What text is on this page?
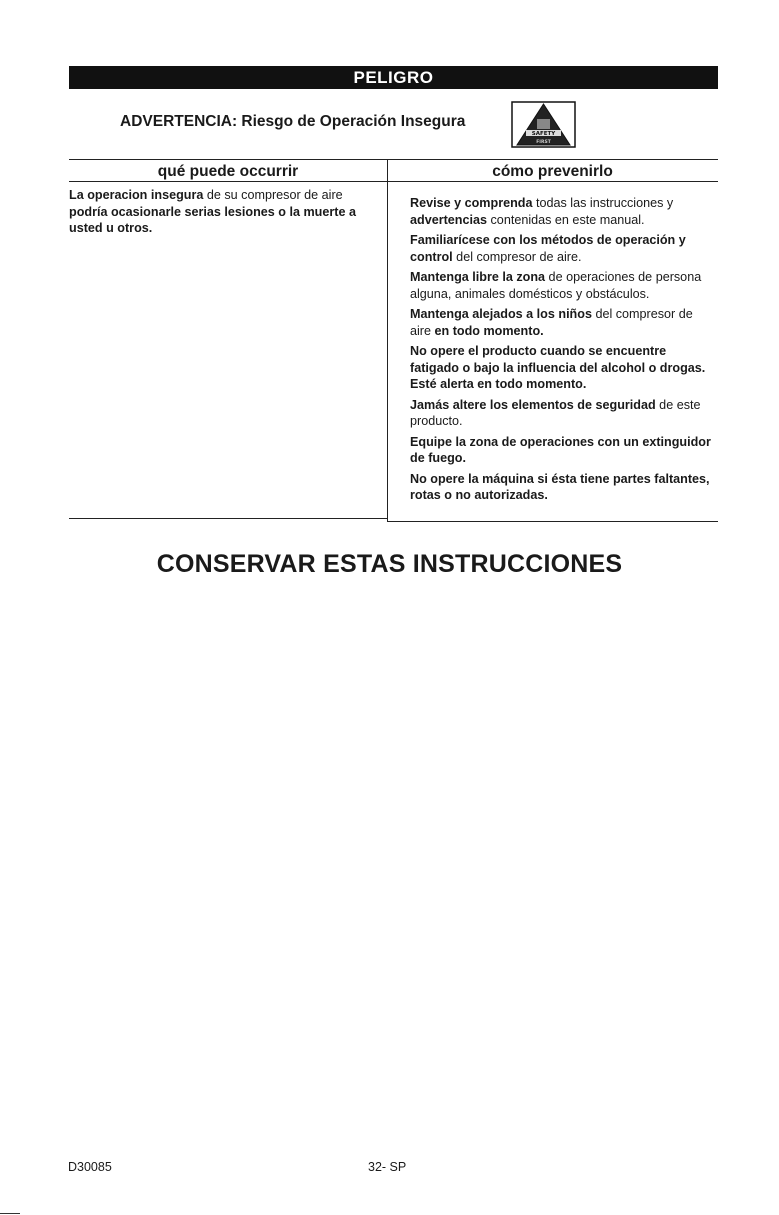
PELIGRO
ADVERTENCIA: Riesgo de Operación Insegura
SAFETY
FIRST
qué puede occurrir	cómo prevenirlo
La operacion insegura de su compresor de aire podría ocasionarle serias lesiones o la muerte a usted u otros.
Revise y comprenda todas las instrucciones y advertencias contenidas en este manual.
Familiarícese con los métodos de operación y control del compresor de aire.
Mantenga libre la zona de operaciones de persona alguna, animales domésticos y obstáculos.
Mantenga alejados a los niños del compresor de aire en todo momento.
No opere el producto cuando se encuentre fatigado o bajo la influencia del alcohol o drogas. Esté alerta en todo momento.
Jamás altere los elementos de seguridad de este producto.
Equipe la zona de operaciones con un extinguidor de fuego.
No opere la máquina si ésta tiene partes faltantes, rotas o no autorizadas.
CONSERVAR ESTAS INSTRUCCIONES
D30085	32- SP
